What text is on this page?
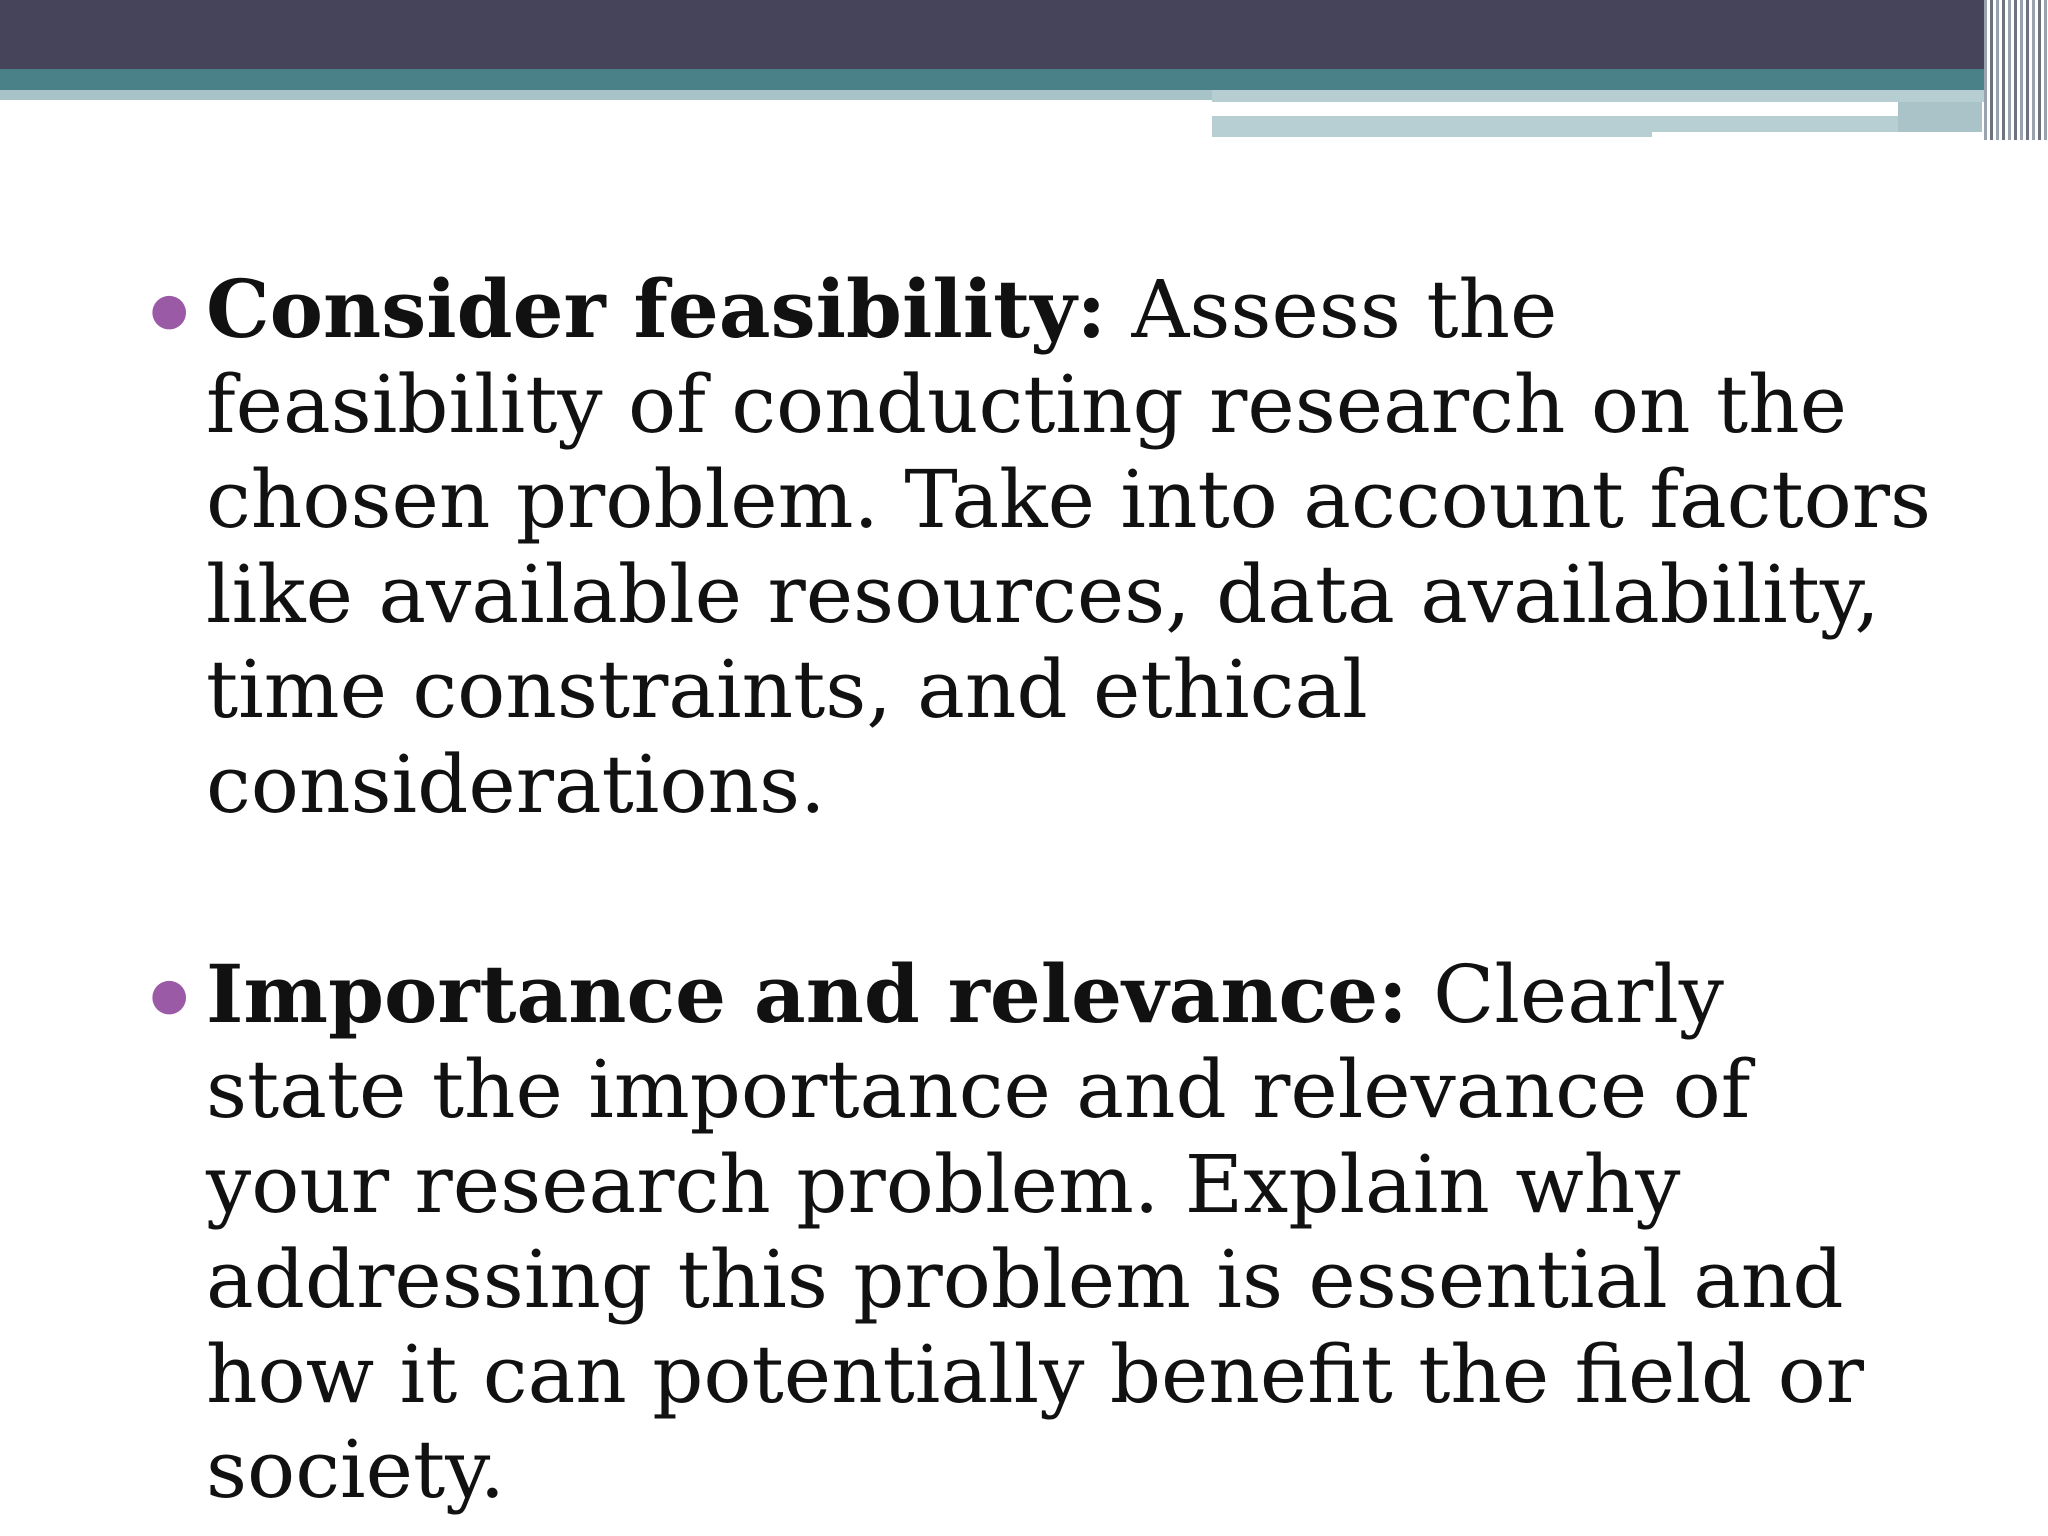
● Consider feasibility: Assess the feasibility of conducting research on the chosen problem. Take into account factors like available resources, data availability, time constraints, and ethical considerations.
● Importance and relevance: Clearly state the importance and relevance of your research problem. Explain why addressing this problem is essential and how it can potentially benefit the field or society.
